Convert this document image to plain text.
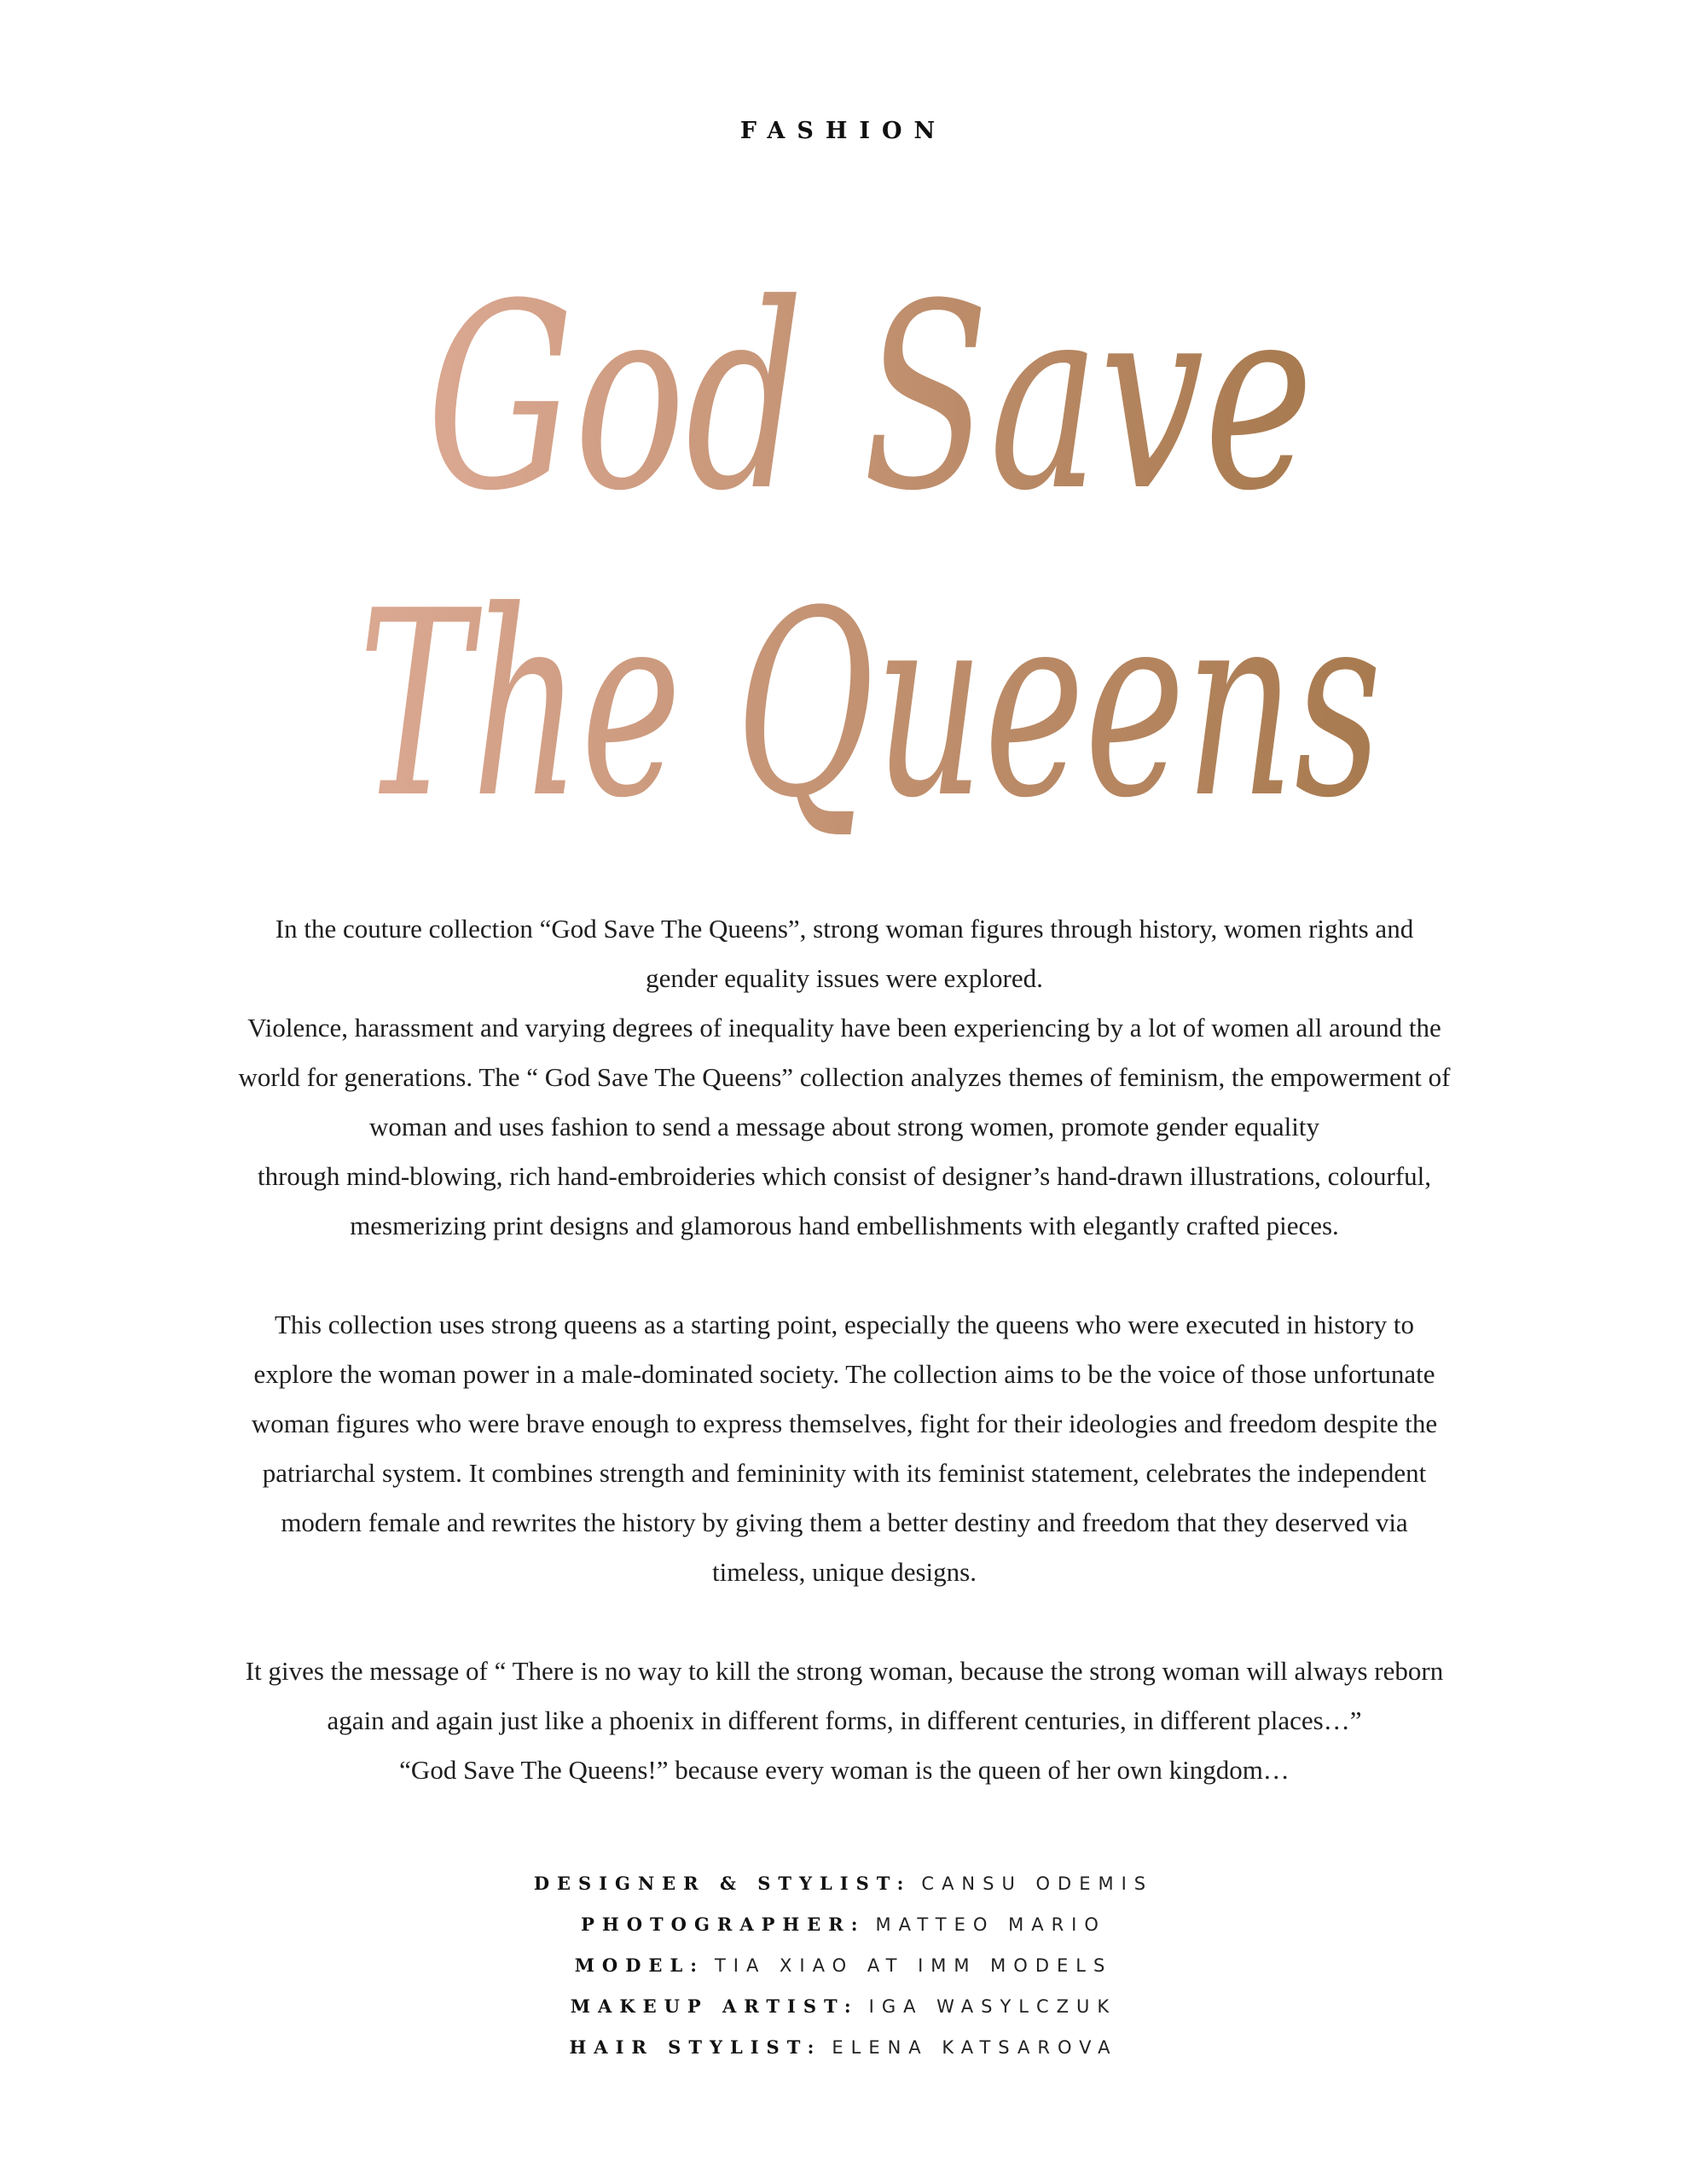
FASHION
God Save
The Queens
In the couture collection “God Save The Queens”, strong woman figures through history, women rights and
gender equality issues were explored.
Violence, harassment and varying degrees of inequality have been experiencing by a lot of women all around the
world for generations. The “ God Save The Queens” collection analyzes themes of feminism, the empowerment of
woman and uses fashion to send a message about strong women, promote gender equality
through mind-blowing, rich hand-embroideries which consist of designer’s hand-drawn illustrations, colourful,
mesmerizing print designs and glamorous hand embellishments with elegantly crafted pieces.
This collection uses strong queens as a starting point, especially the queens who were executed in history to
explore the woman power in a male-dominated society. The collection aims to be the voice of those unfortunate
woman figures who were brave enough to express themselves, fight for their ideologies and freedom despite the
patriarchal system. It combines strength and femininity with its feminist statement, celebrates the independent
modern female and rewrites the history by giving them a better destiny and freedom that they deserved via
timeless, unique designs.
It gives the message of “ There is no way to kill the strong woman, because the strong woman will always reborn
again and again just like a phoenix in different forms, in different centuries, in different places…”
“God Save The Queens!” because every woman is the queen of her own kingdom…
DESIGNER & STYLIST: CANSU ODEMIS
PHOTOGRAPHER: MATTEO MARIO
MODEL: TIA XIAO AT IMM MODELS
MAKEUP ARTIST: IGA WASYLCZUK
HAIR STYLIST: ELENA KATSAROVA
